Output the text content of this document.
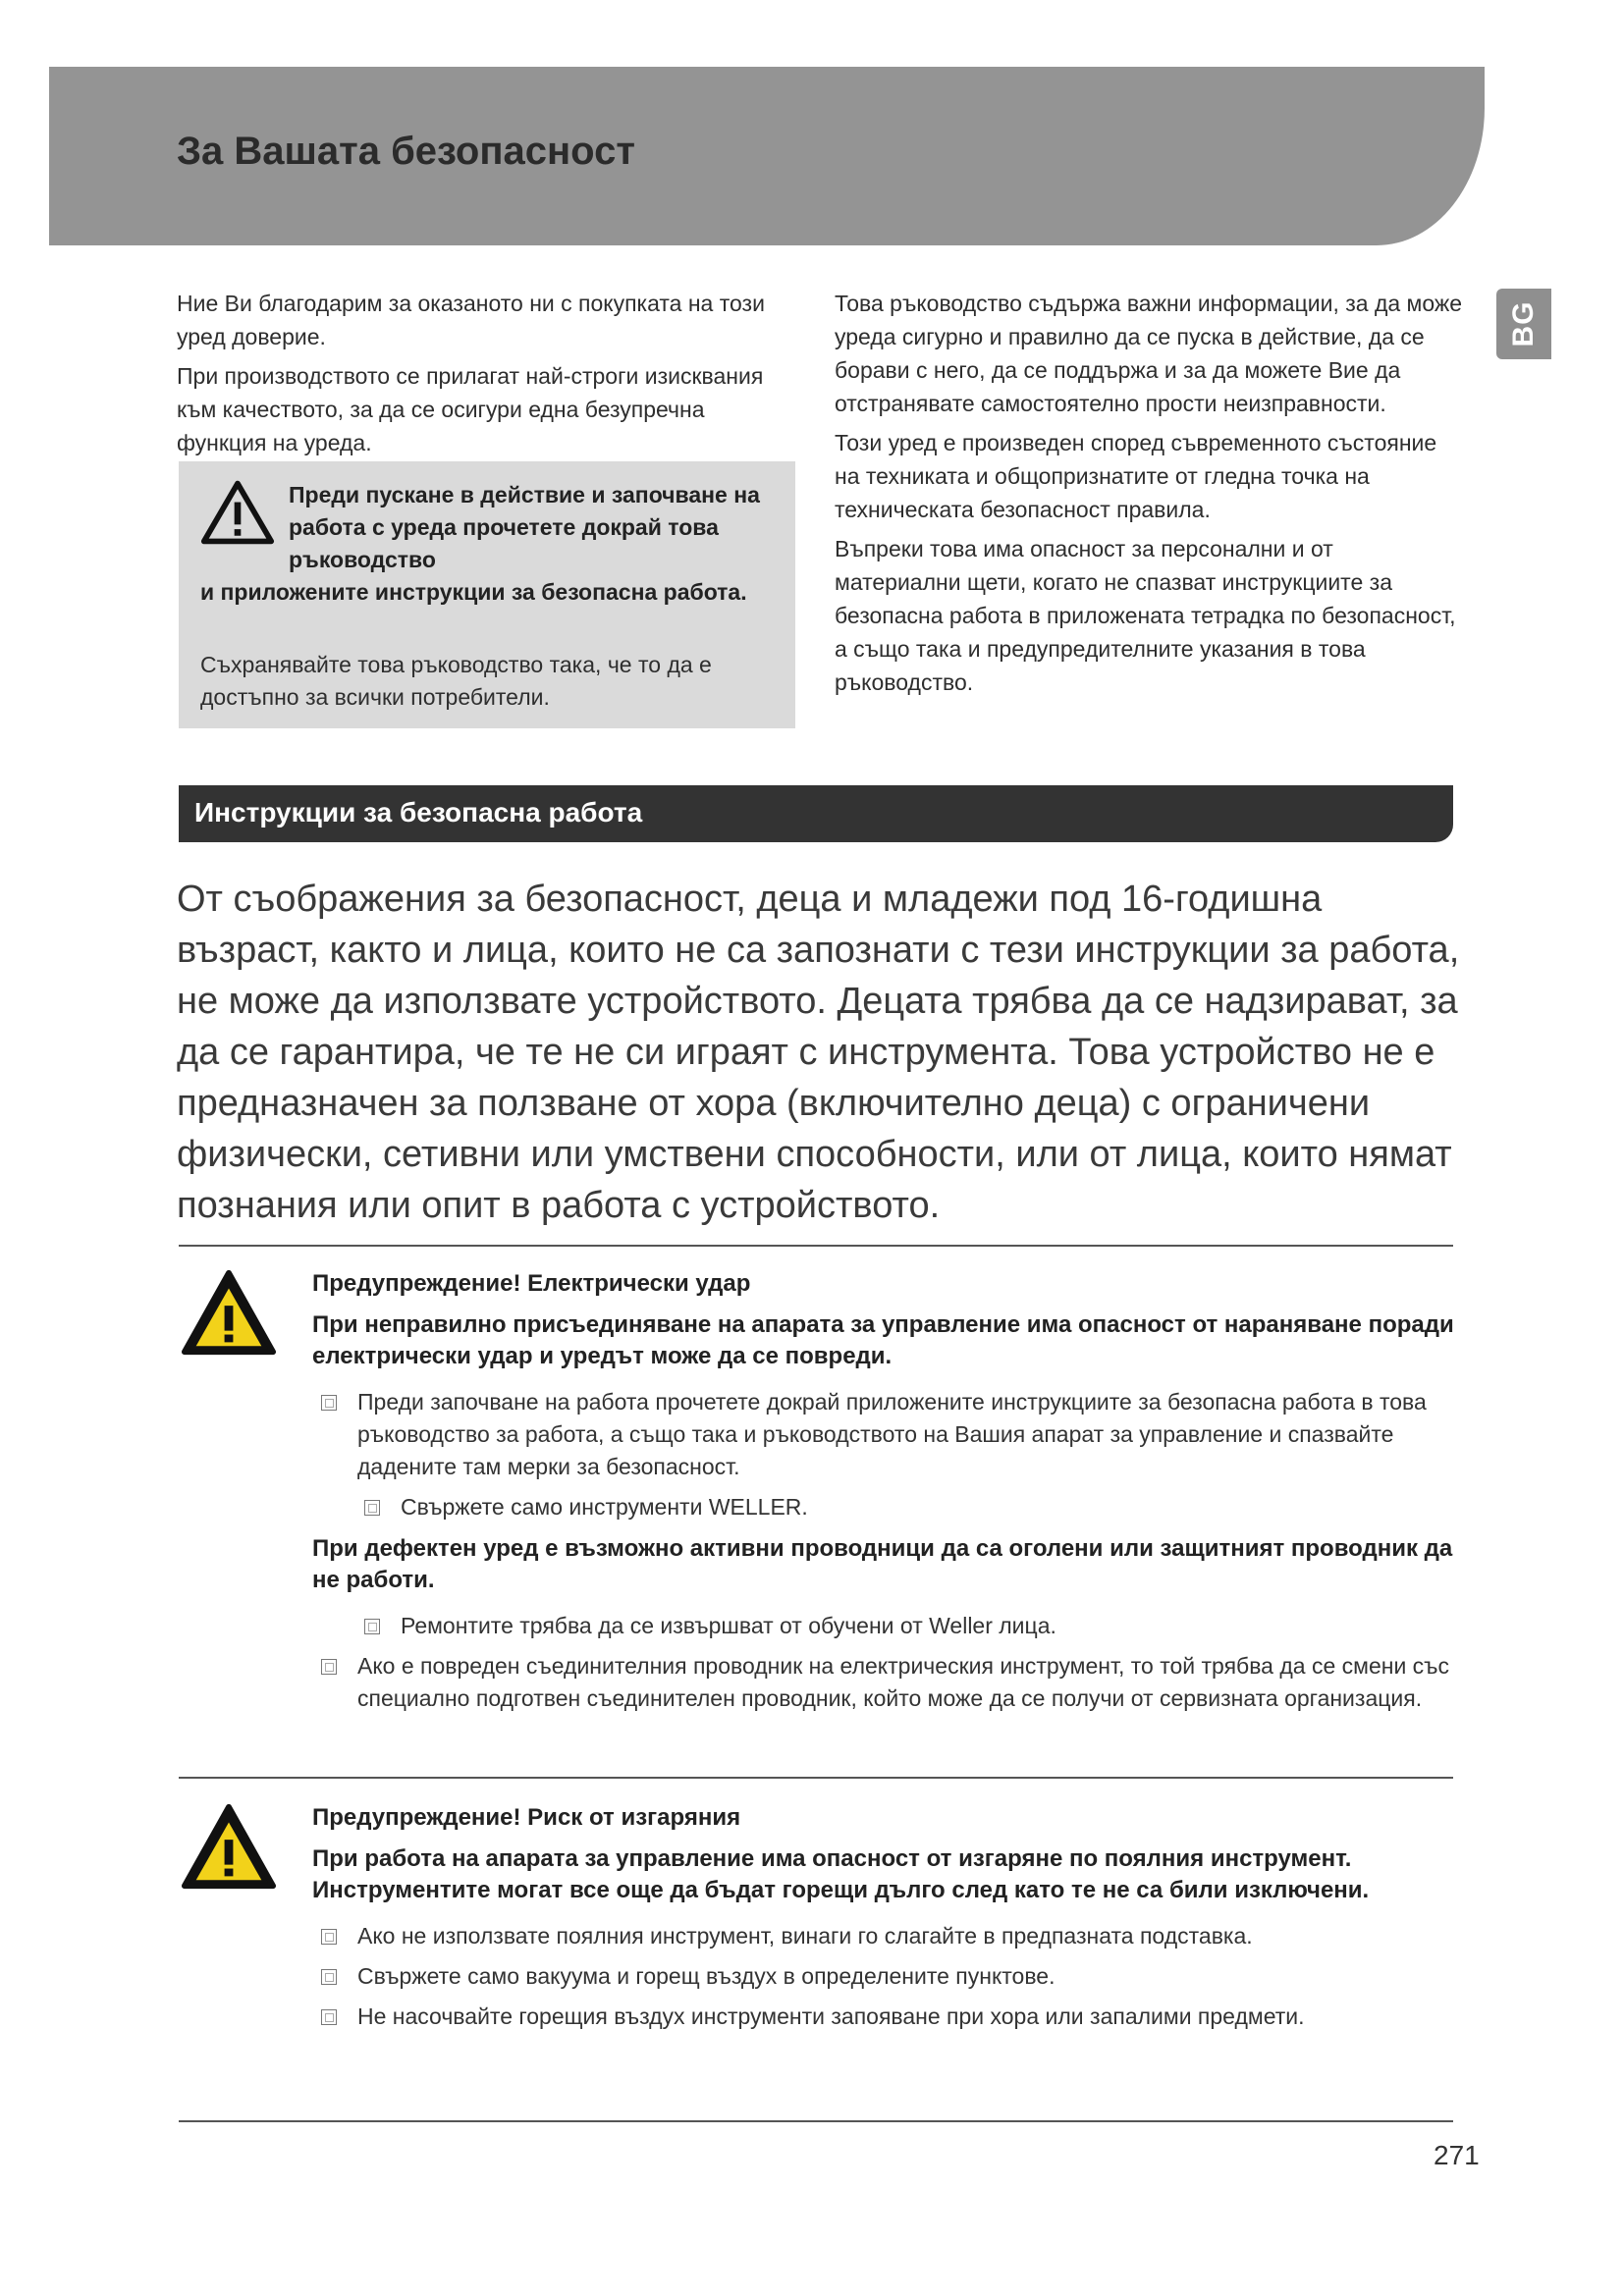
За Вашата безопасност
BG

Ние Ви благодарим за оказаното ни с покупката на този уред доверие.

При производството се прилагат най-строги изисквания към качеството, за да се осигури една безупречна функция на уреда.

Преди пускане в действие и започване на работа с уреда прочетете докрай това ръководство
и приложените инструкции за безопасна работа.
Съхранявайте това ръководство така, че то да е достъпно за всички потребители.

Това ръководство съдържа важни информации, за да може уреда сигурно и правилно да се пуска в действие, да се борави с него, да се поддържа и за да можете Вие да отстранявате самостоятелно прости неизправности.

Този уред е произведен според съвременното състояние на техниката и общопризнатите от гледна точка на техническата безопасност правила.

Въпреки това има опасност за персонални и от материални щети, когато не спазват инструкциите за безопасна работа в приложената тетрадка по безопасност, а също така и предупредителните указания в това ръководство.

Инструкции за безопасна работа
От съображения за безопасност, деца и младежи под 16-годишна възраст, както и лица, които не са запознати с тези инструкции за работа, не може да използвате устройството. Децата трябва да се надзирават, за да се гарантира, че те не си играят с инструмента. Това устройство не е предназначен за ползване от хора (включително деца) с ограничени физически, сетивни или умствени способности, или от лица, които нямат познания или опит в работа с устройството.

Предупреждение! Електрически удар

При неправилно присъединяване на апарата за управление има опасност от нараняване поради електрически удар и уредът може да се повреди.

Преди започване на работа прочетете докрай приложените инструкциите за безопасна работа в това ръководство за работа, а също така и ръководството на Вашия апарат за управление и спазвайте дадените там мерки за безопасност.
Свържете само инструменти WELLER.

При дефектен уред е възможно активни проводници да са оголени или защитният проводник да не работи.

Ремонтите трябва да се извършват от обучени от Weller лица.
Ако е повреден съединителния проводник на електрическия инструмент, то той трябва да се смени със специално подготвен съединителен проводник, който може да се получи от сервизната организация.

Предупреждение! Риск от изгаряния

При работа на апарата за управление има опасност от изгаряне по поялния инструмент. Инструментите могат все още да бъдат горещи дълго след като те не са били изключени.

Ако не използвате поялния инструмент, винаги го слагайте в предпазната подставка.
Свържете само вакуума и горещ въздух в определените пунктове.
Не насочвайте горещия въздух инструменти запояване при хора или запалими предмети.
271
